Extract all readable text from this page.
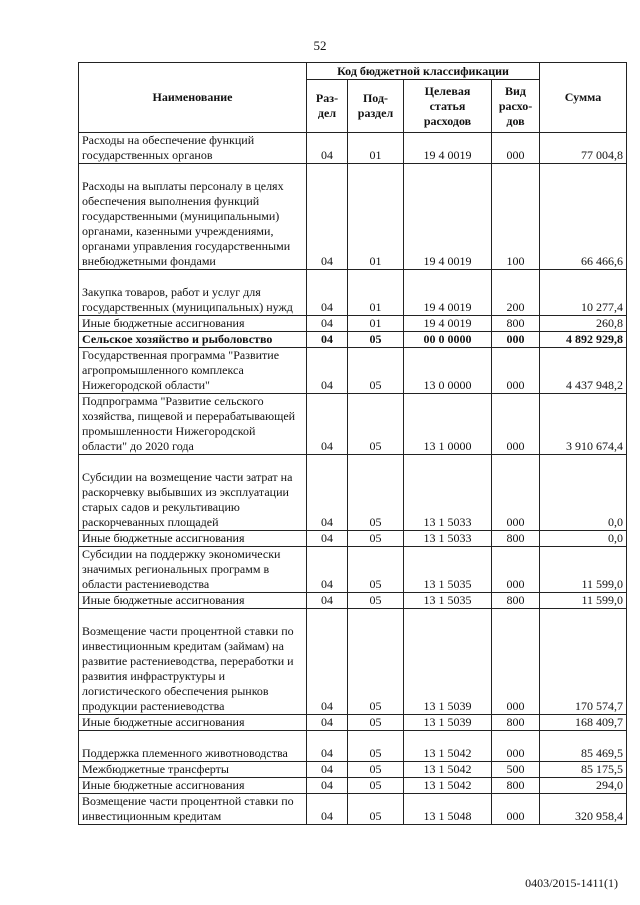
52
Наименование	Код бюджетной классификации				Сумма
	Раз-дел	Под-раздел	Целевая статья расходов	Вид расхо-дов	
Расходы на обеспечение функций государственных органов	04	01	19 4 0019	000	77 004,8
Расходы на выплаты персоналу в целях обеспечения выполнения функций государственными (муниципальными) органами, казенными учреждениями, органами управления государственными внебюджетными фондами	04	01	19 4 0019	100	66 466,6
Закупка товаров, работ и услуг для государственных (муниципальных) нужд	04	01	19 4 0019	200	10 277,4
Иные бюджетные ассигнования	04	01	19 4 0019	800	260,8
Сельское хозяйство и рыболовство	04	05	00 0 0000	000	4 892 929,8
Государственная программа "Развитие агропромышленного комплекса Нижегородской области"	04	05	13 0 0000	000	4 437 948,2
Подпрограмма "Развитие сельского хозяйства, пищевой и перерабатывающей промышленности Нижегородской области" до 2020 года	04	05	13 1 0000	000	3 910 674,4
Субсидии на возмещение части затрат на раскорчевку выбывших из эксплуатации старых садов и рекультивацию раскорчеванных площадей	04	05	13 1 5033	000	0,0
Иные бюджетные ассигнования	04	05	13 1 5033	800	0,0
Субсидии на поддержку экономически значимых региональных программ в области растениеводства	04	05	13 1 5035	000	11 599,0
Иные бюджетные ассигнования	04	05	13 1 5035	800	11 599,0
Возмещение части процентной ставки по инвестиционным кредитам (займам) на развитие растениеводства, переработки и развития инфраструктуры и логистического обеспечения рынков продукции растениеводства	04	05	13 1 5039	000	170 574,7
Иные бюджетные ассигнования	04	05	13 1 5039	800	168 409,7
Поддержка племенного животноводства	04	05	13 1 5042	000	85 469,5
Межбюджетные трансферты	04	05	13 1 5042	500	85 175,5
Иные бюджетные ассигнования	04	05	13 1 5042	800	294,0
Возмещение части процентной ставки по инвестиционным кредитам	04	05	13 1 5048	000	320 958,4
0403/2015-1411(1)
